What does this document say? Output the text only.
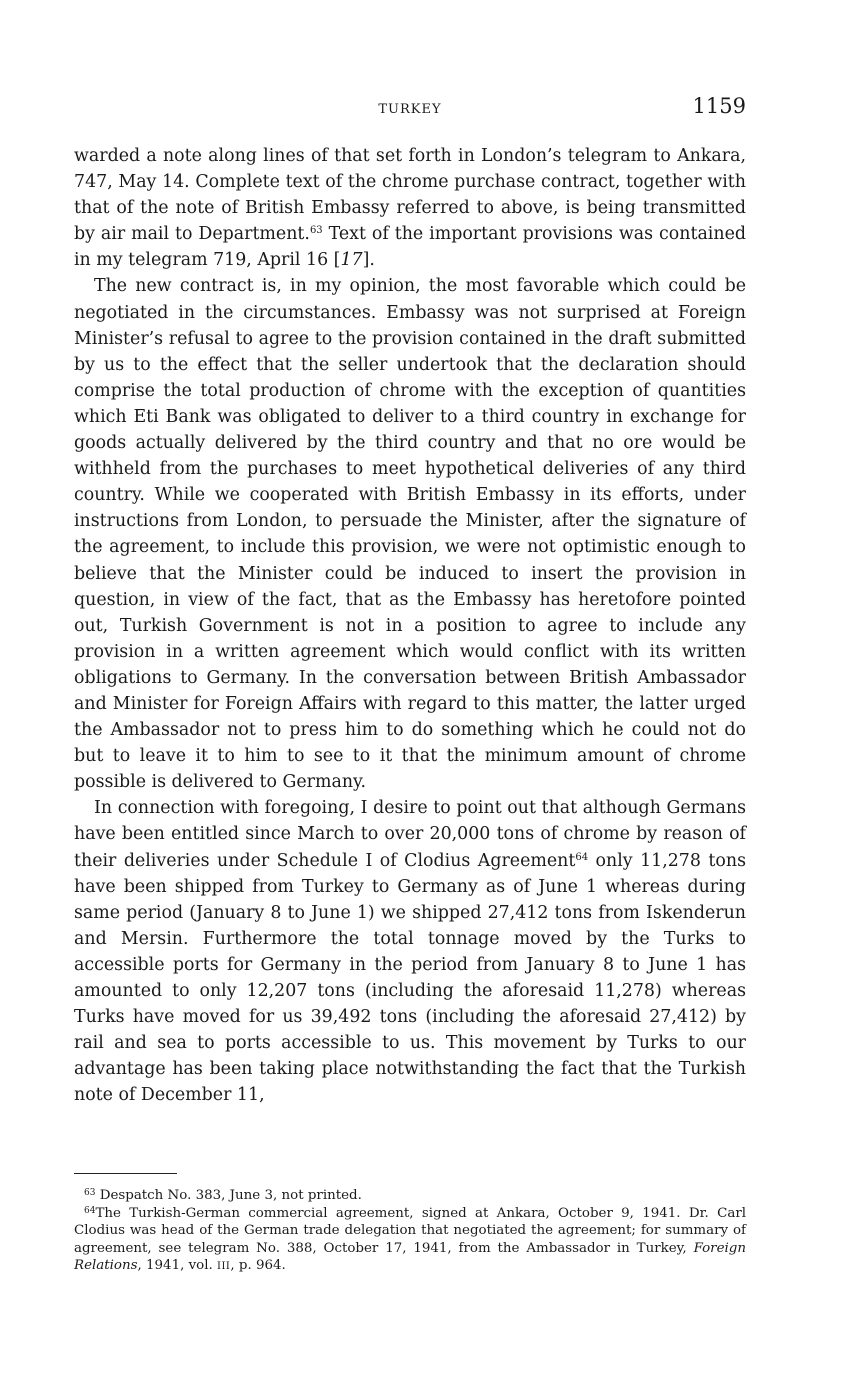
TURKEY	1159

warded a note along lines of that set forth in London’s telegram to Ankara, 747, May 14. Complete text of the chrome purchase contract, together with that of the note of British Embassy referred to above, is being transmitted by air mail to Department.$^{63}$ Text of the important provisions was contained in my telegram 719, April 16 [17].

The new contract is, in my opinion, the most favorable which could be negotiated in the circumstances. Embassy was not surprised at Foreign Minister’s refusal to agree to the provision contained in the draft submitted by us to the effect that the seller undertook that the declaration should comprise the total production of chrome with the exception of quantities which Eti Bank was obligated to deliver to a third country in exchange for goods actually delivered by the third country and that no ore would be withheld from the purchases to meet hypothetical deliveries of any third country. While we cooperated with British Embassy in its efforts, under instructions from London, to persuade the Minister, after the signature of the agreement, to include this provision, we were not optimistic enough to believe that the Minister could be induced to insert the provision in question, in view of the fact, that as the Embassy has heretofore pointed out, Turkish Government is not in a position to agree to include any provision in a written agreement which would conflict with its written obligations to Germany. In the conversation between British Ambassador and Minister for Foreign Affairs with regard to this matter, the latter urged the Ambassador not to press him to do something which he could not do but to leave it to him to see to it that the minimum amount of chrome possible is delivered to Germany.

In connection with foregoing, I desire to point out that although Germans have been entitled since March to over 20,000 tons of chrome by reason of their deliveries under Schedule I of Clodius Agreement$^{64}$ only 11,278 tons have been shipped from Turkey to Germany as of June 1 whereas during same period (January 8 to June 1) we shipped 27,412 tons from Iskenderun and Mersin. Furthermore the total tonnage moved by the Turks to accessible ports for Germany in the period from January 8 to June 1 has amounted to only 12,207 tons (including the aforesaid 11,278) whereas Turks have moved for us 39,492 tons (including the aforesaid 27,412) by rail and sea to ports accessible to us. This movement by Turks to our advantage has been taking place notwithstanding the fact that the Turkish note of December 11,

$^{63}$ Despatch No. 383, June 3, not printed.

$^{64}$The Turkish-German commercial agreement, signed at Ankara, October 9, 1941. Dr. Carl Clodius was head of the German trade delegation that negotiated the agreement; for summary of agreement, see telegram No. 388, October 17, 1941, from the Ambassador in Turkey, Foreign Relations, 1941, vol. III, p. 964.
